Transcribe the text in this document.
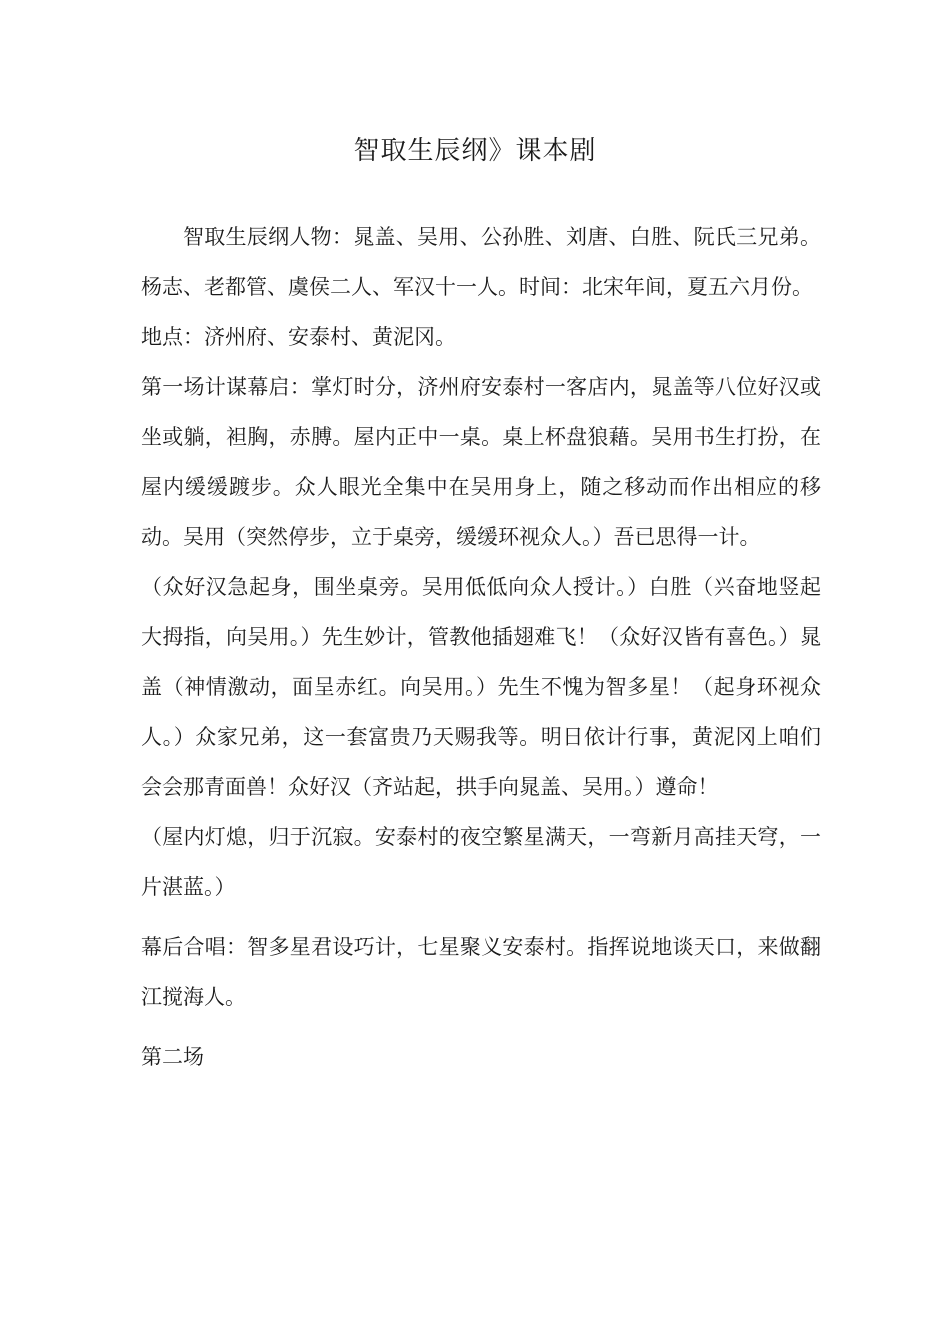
智取生辰纲》课本剧

智取生辰纲人物：晁盖、吴用、公孙胜、刘唐、白胜、阮氏三兄弟。杨志、老都管、虞侯二人、军汉十一人。时间：北宋年间，夏五六月份。

地点：济州府、安泰村、黄泥冈。

第一场计谋幕启：掌灯时分，济州府安泰村一客店内，晁盖等八位好汉或坐或躺，袒胸，赤膊。屋内正中一桌。桌上杯盘狼藉。吴用书生打扮，在屋内缓缓踱步。众人眼光全集中在吴用身上，随之移动而作出相应的移动。吴用（突然停步，立于桌旁，缓缓环视众人。）吾已思得一计。

（众好汉急起身，围坐桌旁。吴用低低向众人授计。）白胜（兴奋地竖起大拇指，向吴用。）先生妙计，管教他插翅难飞！（众好汉皆有喜色。）晁盖（神情激动，面呈赤红。向吴用。）先生不愧为智多星！（起身环视众人。）众家兄弟，这一套富贵乃天赐我等。明日依计行事，黄泥冈上咱们会会那青面兽！众好汉（齐站起，拱手向晁盖、吴用。）遵命！

（屋内灯熄，归于沉寂。安泰村的夜空繁星满天，一弯新月高挂天穹，一片湛蓝。）

幕后合唱：智多星君设巧计，七星聚义安泰村。指挥说地谈天口，来做翻江搅海人。

第二场
